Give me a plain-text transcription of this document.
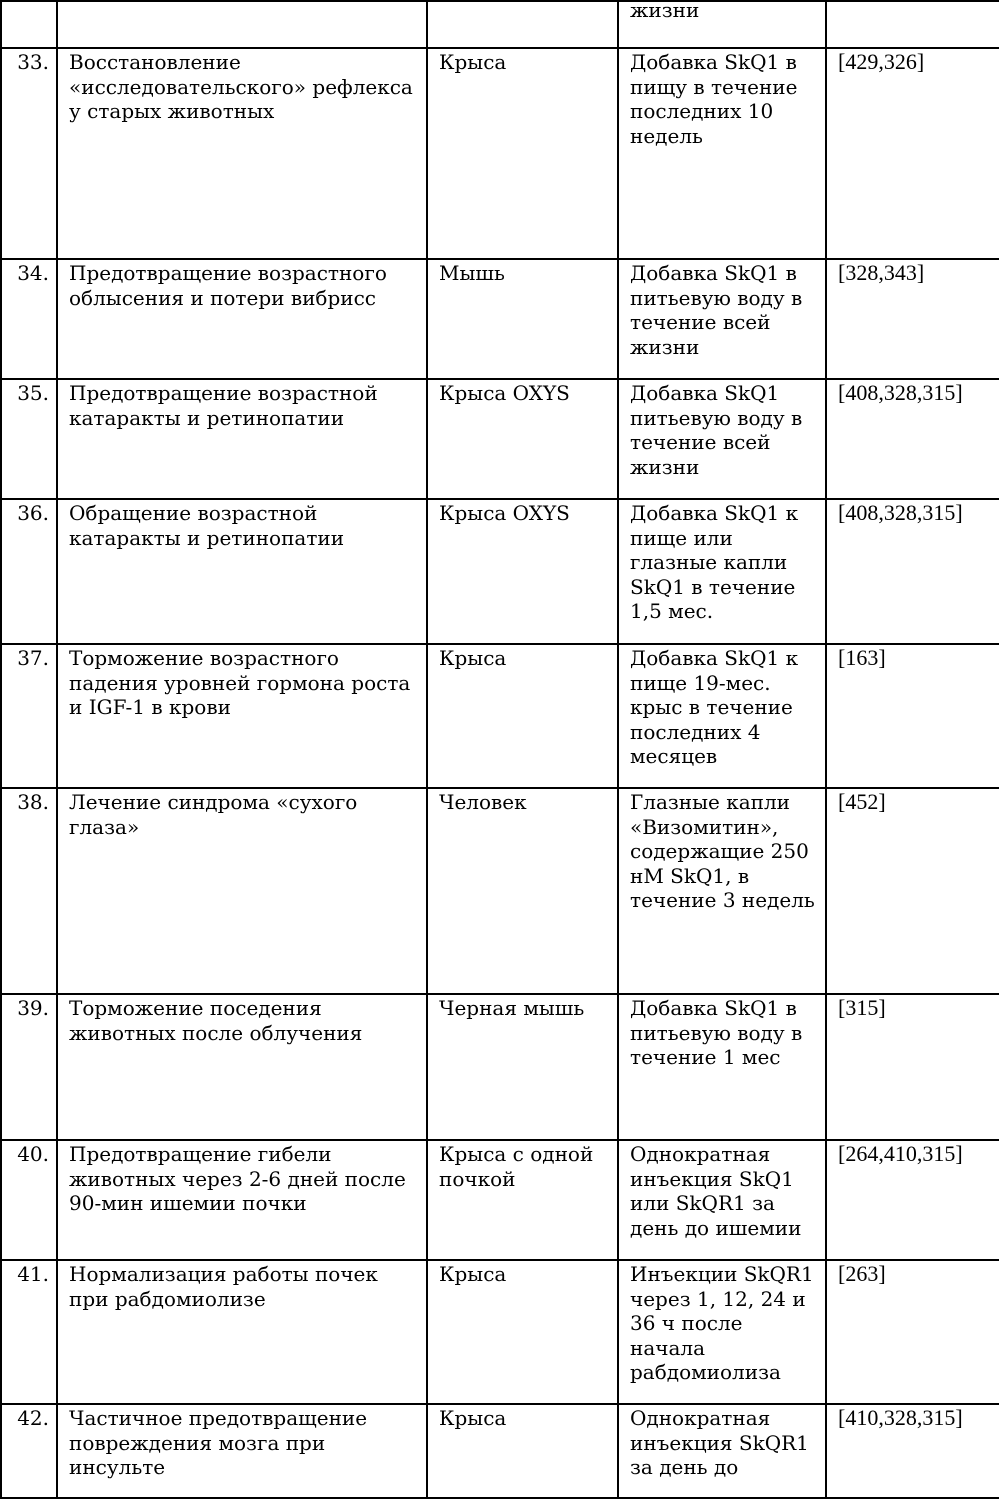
			жизни	
33.	Восстановление «исследовательского» рефлекса у старых животных	Крыса	Добавка SkQ1 в пищу в течение последних 10 недель	[429,326]
34.	Предотвращение возрастного облысения и потери вибрисс	Мышь	Добавка SkQ1 в питьевую воду в течение всей жизни	[328,343]
35.	Предотвращение возрастной катаракты и ретинопатии	Крыса OXYS	Добавка SkQ1 питьевую воду в течение всей жизни	[408,328,315]
36.	Обращение возрастной катаракты и ретинопатии	Крыса OXYS	Добавка SkQ1 к пище или глазные капли SkQ1 в течение 1,5 мес.	[408,328,315]
37.	Торможение возрастного падения уровней гормона роста и IGF-1 в крови	Крыса	Добавка SkQ1 к пище 19-мес. крыс в течение последних 4 месяцев	[163]
38.	Лечение синдрома «сухого глаза»	Человек	Глазные капли «Визомитин», содержащие 250 нМ SkQ1, в течение 3 недель	[452]
39.	Торможение поседения животных после облучения	Черная мышь	Добавка SkQ1 в питьевую воду в течение 1 мес	[315]
40.	Предотвращение гибели животных через 2-6 дней после 90-мин ишемии почки	Крыса с одной почкой	Однократная инъекция SkQ1 или SkQR1 за день до ишемии	[264,410,315]
41.	Нормализация работы почек при рабдомиолизе	Крыса	Инъекции SkQR1 через 1, 12, 24 и 36 ч после начала рабдомиолиза	[263]
42.	Частичное предотвращение повреждения мозга при инсульте	Крыса	Однократная инъекция SkQR1 за день до	[410,328,315]
